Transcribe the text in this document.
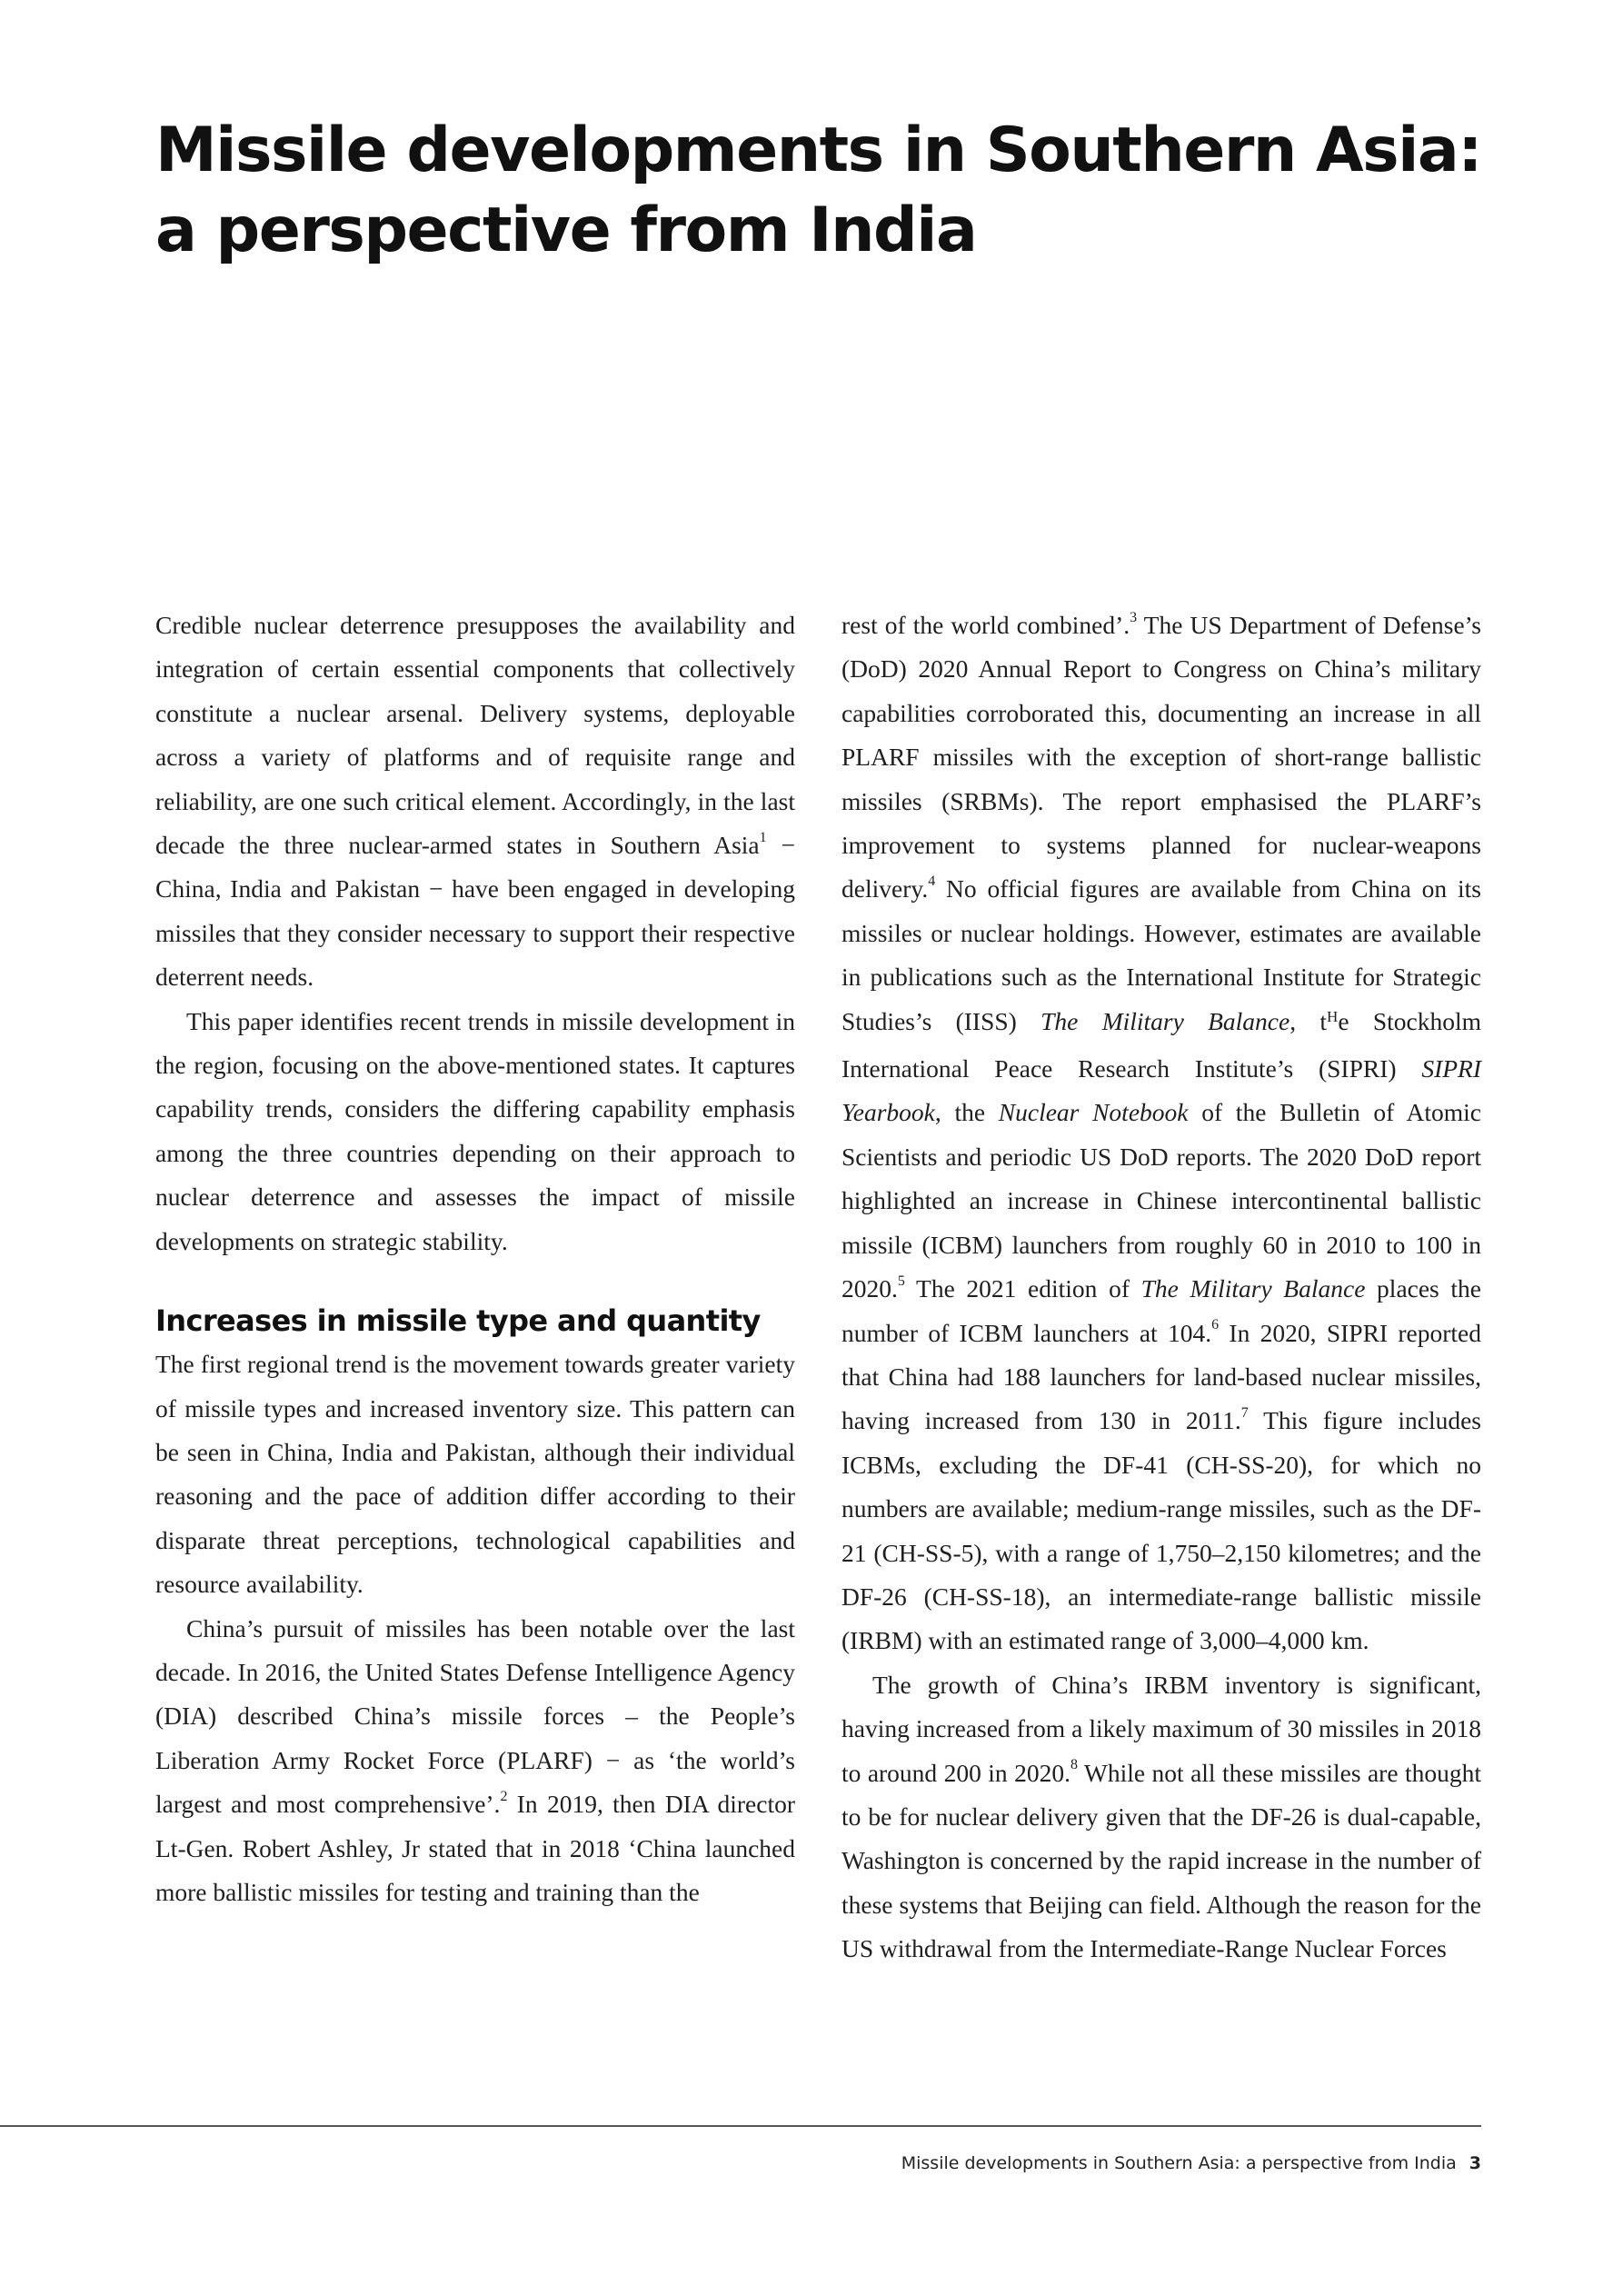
Missile developments in Southern Asia:
a perspective from India

Credible nuclear deterrence presupposes the availability and integration of certain essential components that collectively constitute a nuclear arsenal. Delivery systems, deployable across a variety of platforms and of requisite range and reliability, are one such critical element. Accordingly, in the last decade the three nuclear-armed states in Southern Asia$^1$ − China, India and Pakistan − have been engaged in developing missiles that they consider necessary to support their respective deterrent needs.

This paper identifies recent trends in missile development in the region, focusing on the above-mentioned states. It captures capability trends, considers the differing capability emphasis among the three countries depending on their approach to nuclear deterrence and assesses the impact of missile developments on strategic stability.

Increases in missile type and quantity

The first regional trend is the movement towards greater variety of missile types and increased inventory size. This pattern can be seen in China, India and Pakistan, although their individual reasoning and the pace of addition differ according to their disparate threat perceptions, technological capabilities and resource availability.

China’s pursuit of missiles has been notable over the last decade. In 2016, the United States Defense Intelligence Agency (DIA) described China’s missile forces – the People’s Liberation Army Rocket Force (PLARF) − as ‘the world’s largest and most comprehensive’.$^2$ In 2019, then DIA director Lt-Gen. Robert Ashley, Jr stated that in 2018 ‘China launched more ballistic missiles for testing and training than the

rest of the world combined’.$^3$ The US Department of Defense’s (DoD) 2020 Annual Report to Congress on China’s military capabilities corroborated this, documenting an increase in all PLARF missiles with the exception of short-range ballistic missiles (SRBMs). The report emphasised the PLARF’s improvement to systems planned for nuclear-weapons delivery.$^4$ No official figures are available from China on its missiles or nuclear holdings. However, estimates are available in publications such as the International Institute for Strategic Studies’s (IISS) The Military Balance, $t^He$ Stockholm International Peace Research Institute’s (SIPRI) SIPRI Yearbook, the Nuclear Notebook of the Bulletin of Atomic Scientists and periodic US DoD reports. The 2020 DoD report highlighted an increase in Chinese intercontinental ballistic missile (ICBM) launchers from roughly 60 in 2010 to 100 in 2020.$^5$ The 2021 edition of The Military Balance places the number of ICBM launchers at 104.$^6$ In 2020, SIPRI reported that China had 188 launchers for land-based nuclear missiles, having increased from 130 in 2011.$^7$ This figure includes ICBMs, excluding the DF-41 (CH-SS-20), for which no numbers are available; medium-range missiles, such as the DF-21 (CH-SS-5), with a range of 1,750–2,150 kilometres; and the DF-26 (CH-SS-18), an intermediate-range ballistic missile (IRBM) with an estimated range of 3,000–4,000 km.

The growth of China’s IRBM inventory is significant, having increased from a likely maximum of 30 missiles in 2018 to around 200 in 2020.$^8$ While not all these missiles are thought to be for nuclear delivery given that the DF-26 is dual-capable, Washington is concerned by the rapid increase in the number of these systems that Beijing can field. Although the reason for the US withdrawal from the Intermediate-Range Nuclear Forces

Missile developments in Southern Asia: a perspective from India 3
